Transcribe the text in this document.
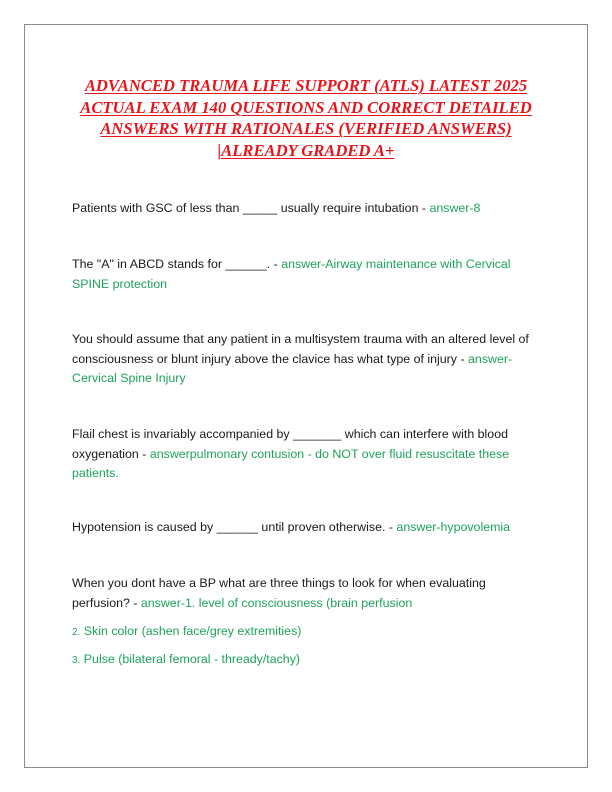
ADVANCED TRAUMA LIFE SUPPORT (ATLS) LATEST 2025 ACTUAL EXAM 140 QUESTIONS AND CORRECT DETAILED ANSWERS WITH RATIONALES (VERIFIED ANSWERS) |ALREADY GRADED A+

Patients with GSC of less than _____ usually require intubation - answer-8

The "A" in ABCD stands for ______. - answer-Airway maintenance with Cervical SPINE protection

You should assume that any patient in a multisystem trauma with an altered level of consciousness or blunt injury above the clavice has what type of injury - answer-Cervical Spine Injury

Flail chest is invariably accompanied by _______ which can interfere with blood oxygenation - answerpulmonary contusion - do NOT over fluid resuscitate these patients.

Hypotension is caused by ______ until proven otherwise. - answer-hypovolemia

When you dont have a BP what are three things to look for when evaluating perfusion? - answer-1. level of consciousness (brain perfusion

2. Skin color (ashen face/grey extremities)

3. Pulse (bilateral femoral - thready/tachy)
